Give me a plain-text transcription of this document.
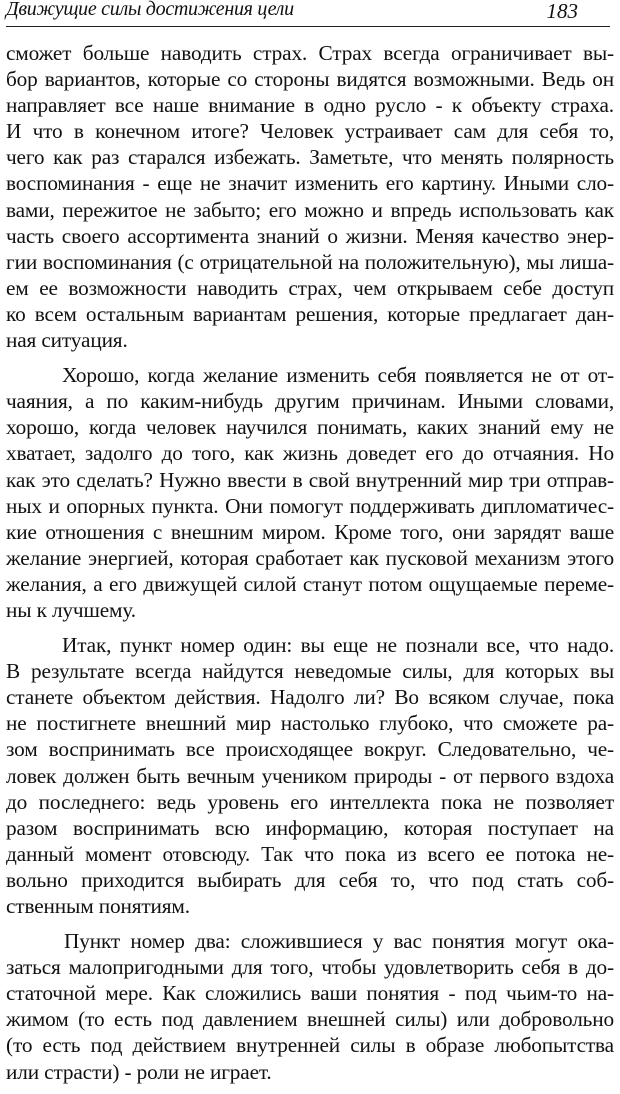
Движущие силы достижения цели	183
сможет больше наводить страх. Страх всегда ограничивает вы-
бор вариантов, которые со стороны видятся возможными. Ведь он
направляет все наше внимание в одно русло - к объекту страха.
И что в конечном итоге? Человек устраивает сам для себя то,
чего как раз старался избежать. Заметьте, что менять полярность
воспоминания - еще не значит изменить его картину. Иными сло-
вами, пережитое не забыто; его можно и впредь использовать как
часть своего ассортимента знаний о жизни. Меняя качество энер-
гии воспоминания (с отрицательной на положительную), мы лиша-
ем ее возможности наводить страх, чем открываем себе доступ
ко всем остальным вариантам решения, которые предлагает дан-
ная ситуация.
Хорошо, когда желание изменить себя появляется не от от-
чаяния, а по каким-нибудь другим причинам. Иными словами,
хорошо, когда человек научился понимать, каких знаний ему не
хватает, задолго до того, как жизнь доведет его до отчаяния. Но
как это сделать? Нужно ввести в свой внутренний мир три отправ-
ных и опорных пункта. Они помогут поддерживать дипломатичес-
кие отношения с внешним миром. Кроме того, они зарядят ваше
желание энергией, которая сработает как пусковой механизм этого
желания, а его движущей силой станут потом ощущаемые переме-
ны к лучшему.
Итак, пункт номер один: вы еще не познали все, что надо.
В результате всегда найдутся неведомые силы, для которых вы
станете объектом действия. Надолго ли? Во всяком случае, пока
не постигнете внешний мир настолько глубоко, что сможете ра-
зом воспринимать все происходящее вокруг. Следовательно, че-
ловек должен быть вечным учеником природы - от первого вздоха
до последнего: ведь уровень его интеллекта пока не позволяет
разом воспринимать всю информацию, которая поступает на
данный момент отовсюду. Так что пока из всего ее потока не-
вольно приходится выбирать для себя то, что под стать соб-
ственным понятиям.
Пункт номер два: сложившиеся у вас понятия могут ока-
заться малопригодными для того, чтобы удовлетворить себя в до-
статочной мере. Как сложились ваши понятия - под чьим-то на-
жимом (то есть под давлением внешней силы) или добровольно
(то есть под действием внутренней силы в образе любопытства
или страсти) - роли не играет.
